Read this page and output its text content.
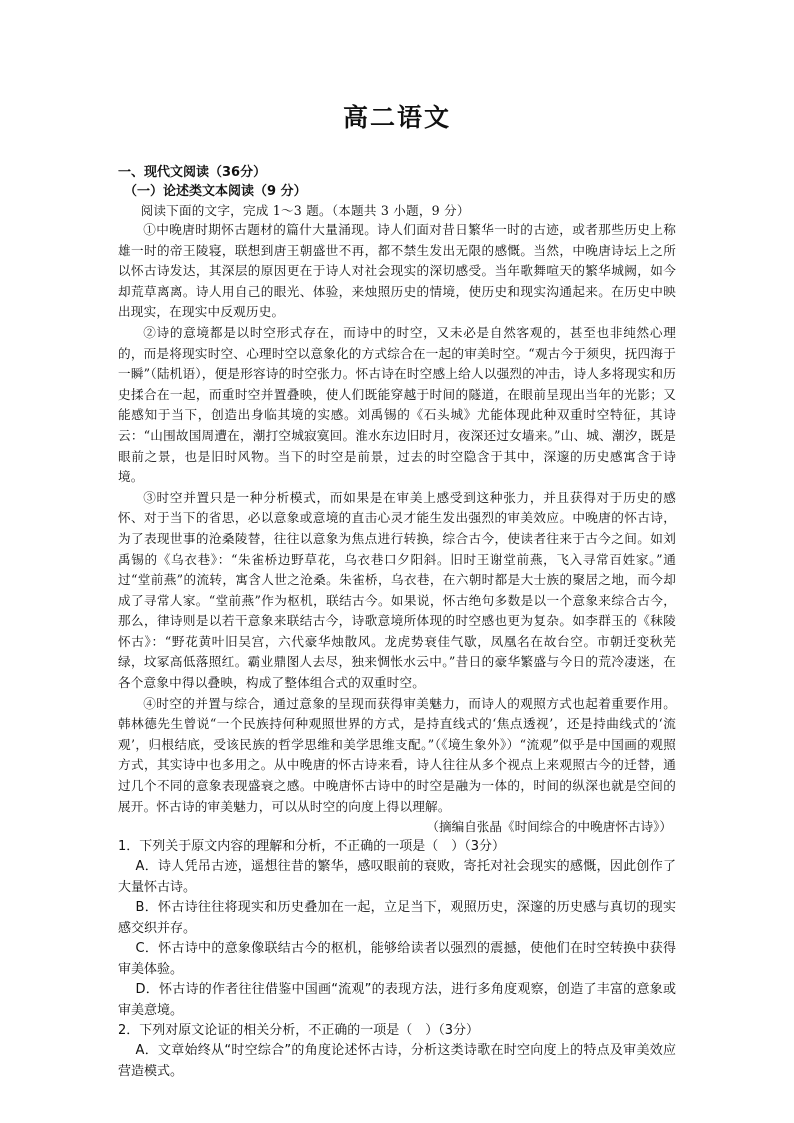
高二语文

一、现代文阅读（36分）

（一）论述类文本阅读（9 分）

阅读下面的文字，完成 1～3 题。（本题共 3 小题，9 分）

①中晚唐时期怀古题材的篇什大量涌现。诗人们面对昔日繁华一时的古迹，或者那些历史上称雄一时的帝王陵寝，联想到唐王朝盛世不再，都不禁生发出无限的感慨。当然，中晚唐诗坛上之所以怀古诗发达，其深层的原因更在于诗人对社会现实的深切感受。当年歌舞喧天的繁华城阙，如今却荒草离离。诗人用自己的眼光、体验，来烛照历史的情境，使历史和现实沟通起来。在历史中映出现实，在现实中反观历史。

②诗的意境都是以时空形式存在，而诗中的时空，又未必是自然客观的，甚至也非纯然心理的，而是将现实时空、心理时空以意象化的方式综合在一起的审美时空。“观古今于须臾，抚四海于一瞬”（陆机语），便是形容诗的时空张力。怀古诗在时空感上给人以强烈的冲击，诗人多将现实和历史揉合在一起，而重时空并置叠映，使人们既能穿越于时间的隧道，在眼前呈现出当年的光影；又能感知于当下，创造出身临其境的实感。刘禹锡的《石头城》尤能体现此种双重时空特征，其诗云：“山围故国周遭在，潮打空城寂寞回。淮水东边旧时月，夜深还过女墙来。”山、城、潮汐，既是眼前之景，也是旧时风物。当下的时空是前景，过去的时空隐含于其中，深邃的历史感寓含于诗境。

③时空并置只是一种分析模式，而如果是在审美上感受到这种张力，并且获得对于历史的感怀、对于当下的省思，必以意象或意境的直击心灵才能生发出强烈的审美效应。中晚唐的怀古诗，为了表现世事的沧桑陵替，往往以意象为焦点进行转换，综合古今，使读者往来于古今之间。如刘禹锡的《乌衣巷》：“朱雀桥边野草花，乌衣巷口夕阳斜。旧时王谢堂前燕，飞入寻常百姓家。”通过“堂前燕”的流转，寓含人世之沧桑。朱雀桥，乌衣巷，在六朝时都是大士族的聚居之地，而今却成了寻常人家。“堂前燕”作为枢机，联结古今。如果说，怀古绝句多数是以一个意象来综合古今，那么，律诗则是以若干意象来联结古今，诗歌意境所体现的时空感也更为复杂。如李群玉的《秣陵怀古》：“野花黄叶旧吴宫，六代豪华烛散风。龙虎势衰佳气歇，凤凰名在故台空。市朝迁变秋芜绿，坟冢高低落照红。霸业鼎图人去尽，独来惆怅水云中。”昔日的豪华繁盛与今日的荒冷凄迷，在各个意象中得以叠映，构成了整体组合式的双重时空。

④时空的并置与综合，通过意象的呈现而获得审美魅力，而诗人的观照方式也起着重要作用。韩林德先生曾说“一个民族持何种观照世界的方式，是持直线式的‘焦点透视’，还是持曲线式的‘流观’，归根结底，受该民族的哲学思维和美学思维支配。”（《境生象外》）“流观”似乎是中国画的观照方式，其实诗中也多用之。从中晚唐的怀古诗来看，诗人往往从多个视点上来观照古今的迁替，通过几个不同的意象表现盛衰之感。中晚唐怀古诗中的时空是融为一体的，时间的纵深也就是空间的展开。怀古诗的审美魅力，可以从时空的向度上得以理解。

（摘编自张晶《时间综合的中晚唐怀古诗》）

1．下列关于原文内容的理解和分析，不正确的一项是（　）（3分）

A．诗人凭吊古迹，遥想往昔的繁华，感叹眼前的衰败，寄托对社会现实的感慨，因此创作了大量怀古诗。

B．怀古诗往往将现实和历史叠加在一起，立足当下，观照历史，深邃的历史感与真切的现实感交织并存。

C．怀古诗中的意象像联结古今的枢机，能够给读者以强烈的震撼，使他们在时空转换中获得审美体验。

D．怀古诗的作者往往借鉴中国画“流观”的表现方法，进行多角度观察，创造了丰富的意象或审美意境。

2．下列对原文论证的相关分析，不正确的一项是（　）（3分）

A．文章始终从“时空综合”的角度论述怀古诗，分析这类诗歌在时空向度上的特点及审美效应营造模式。
